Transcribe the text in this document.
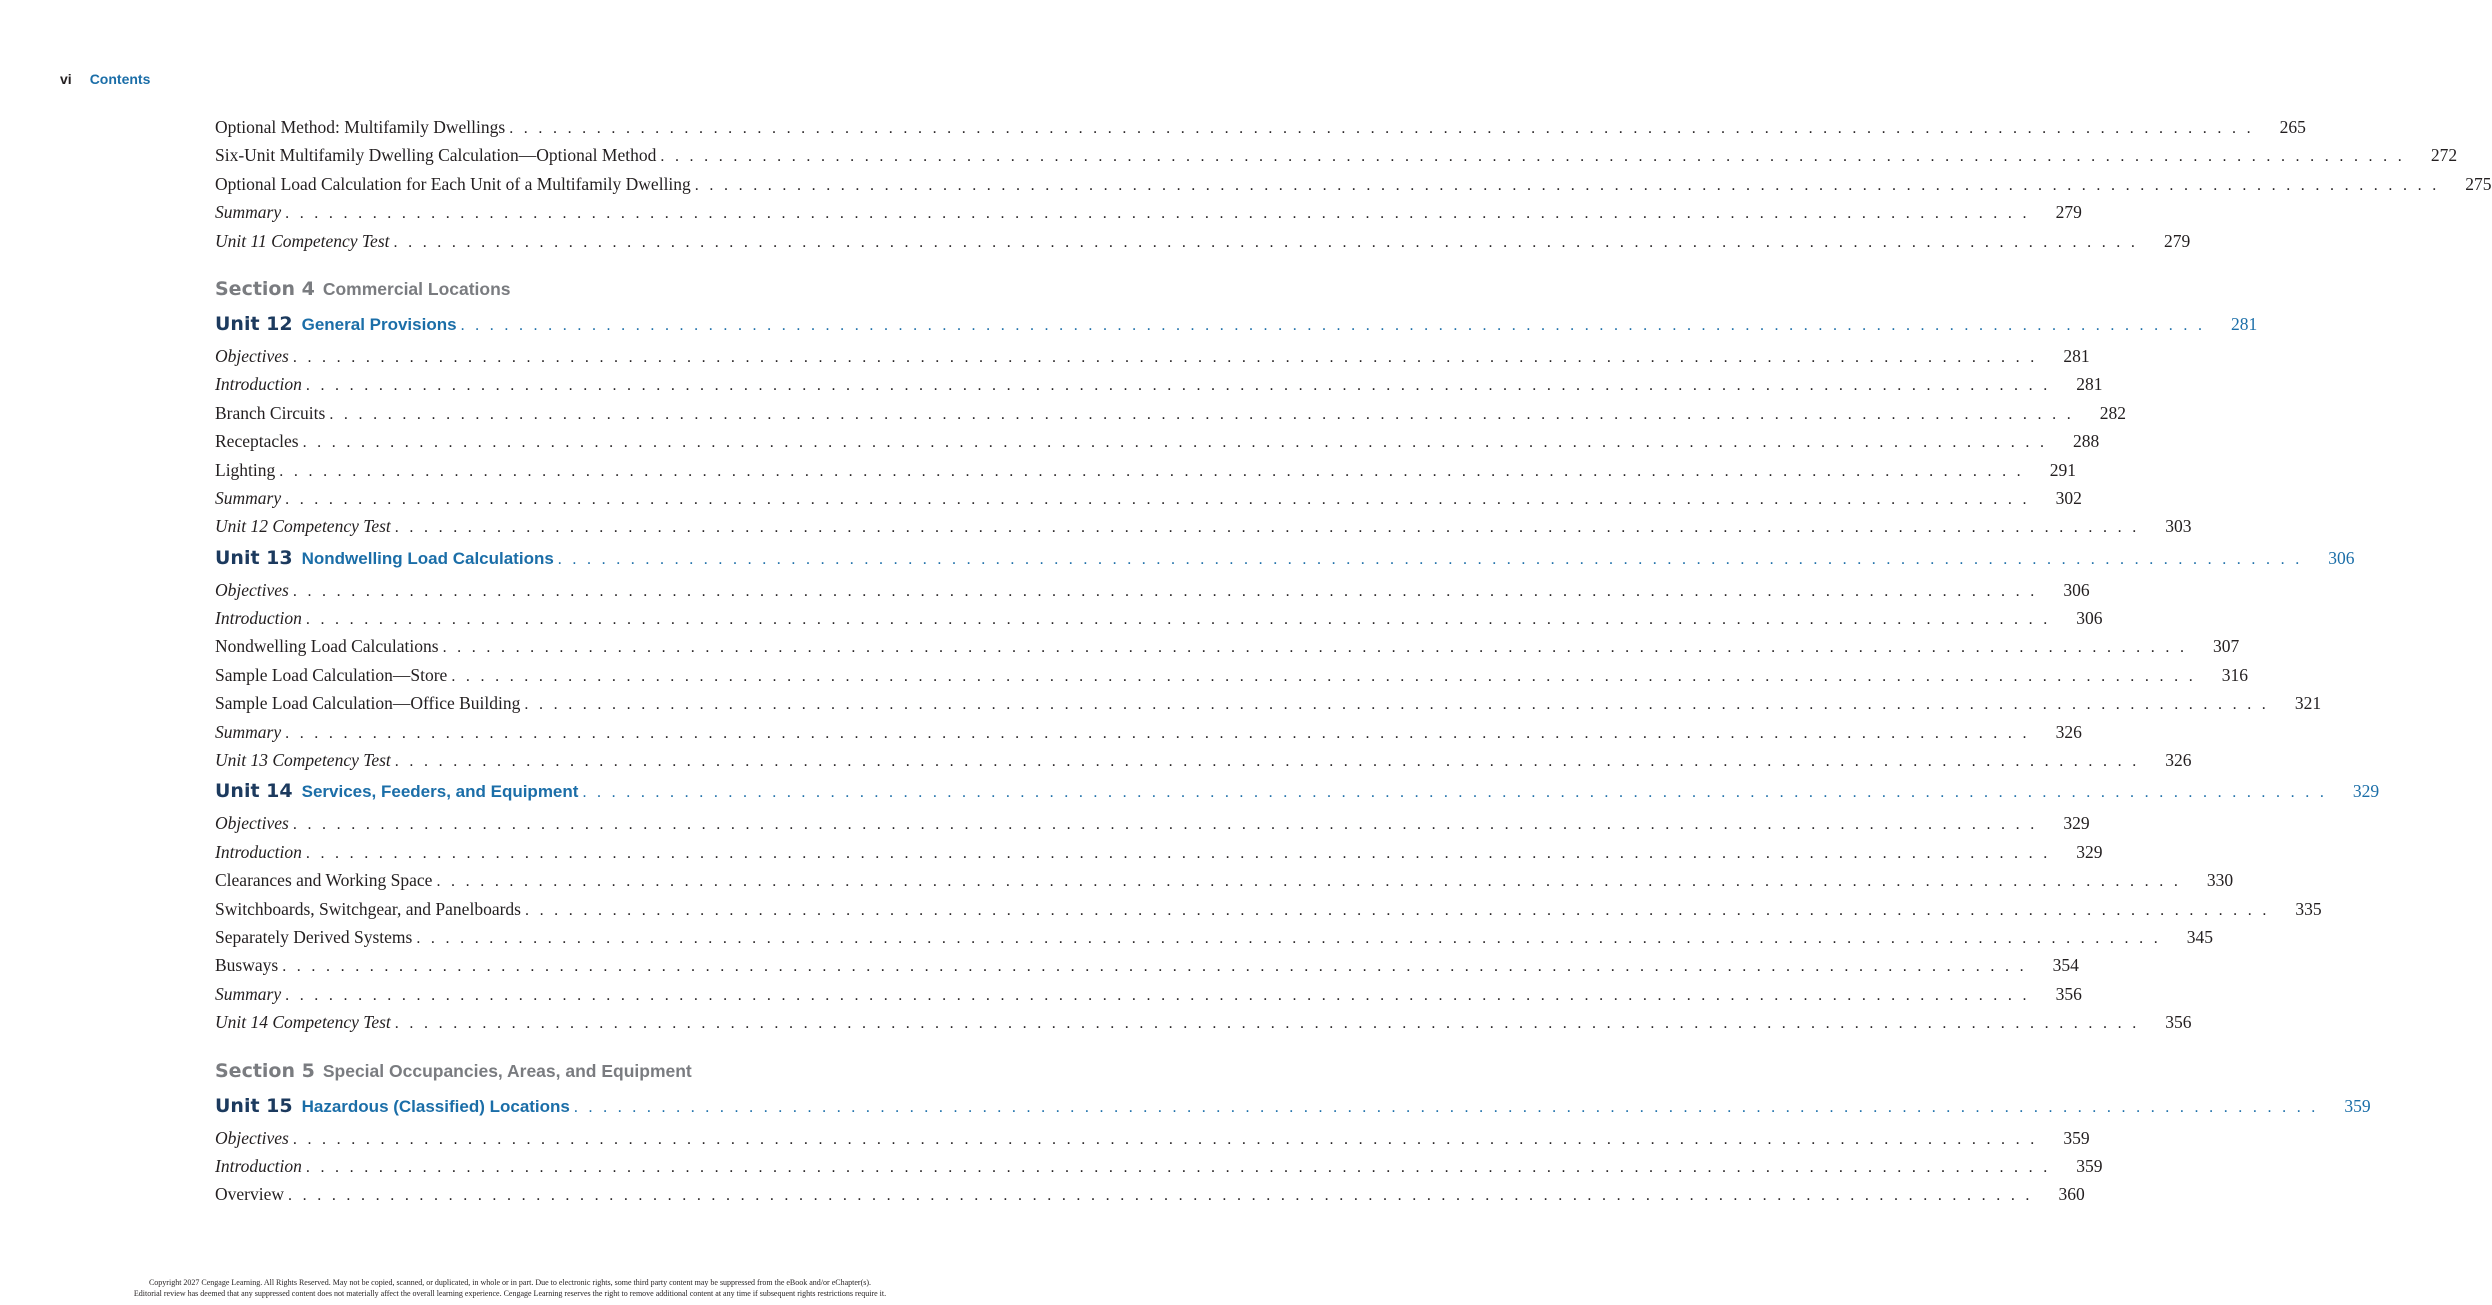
vi Contents
Optional Method: Multifamily Dwellings . . . . . . . . . . . . . . . . . . . . . . . . . . . . . . . . . . . . . . . . . . . . . . . . . . . . . . . . . . . . . . . . . . . . . . . . . . . . . . . . . . . . . . . . . . . . . . . . . . . . . . . . . . . . . . . . . . . . . . . . 265
Six-Unit Multifamily Dwelling Calculation—Optional Method . . . . . . . . . . . . . . . . . . . . . . . . . . . . . . . . . . . . . . . . . . . . . . . . . . . . . . . . . . . . . . . . . . . . . . . . . . . . . . . . . . . . . . . . . . . . . . . . . . . . . . . . . . . . . . . . . . . . . . . . 272
Optional Load Calculation for Each Unit of a Multifamily Dwelling . . . . . . . . . . . . . . . . . . . . . . . . . . . . . . . . . . . . . . . . . . . . . . . . . . . . . . . . . . . . . . . . . . . . . . . . . . . . . . . . . . . . . . . . . . . . . . . . . . . . . . . . . . . . . . . . . . . . . . . . 275
Summary . . . . . . . . . . . . . . . . . . . . . . . . . . . . . . . . . . . . . . . . . . . . . . . . . . . . . . . . . . . . . . . . . . . . . . . . . . . . . . . . . . . . . . . . . . . . . . . . . . . . . . . . . . . . . . . . . . . . . . . . 279
Unit 11 Competency Test . . . . . . . . . . . . . . . . . . . . . . . . . . . . . . . . . . . . . . . . . . . . . . . . . . . . . . . . . . . . . . . . . . . . . . . . . . . . . . . . . . . . . . . . . . . . . . . . . . . . . . . . . . . . . . . . . . . . . . . . 279
Section 4 Commercial Locations
Unit 12 General Provisions . . . . . . . . . . . . . . . . . . . . . . . . . . . . . . . . . . . . . . . . . . . . . . . . . . . . . . . . . . . . . . . . . . . . . . . . . . . . . . . . . . . . . . . . . . . . . . . . . . . . . . . . . . . . . . . . . . . . . . . . 281
Objectives . . . . . . . . . . . . . . . . . . . . . . . . . . . . . . . . . . . . . . . . . . . . . . . . . . . . . . . . . . . . . . . . . . . . . . . . . . . . . . . . . . . . . . . . . . . . . . . . . . . . . . . . . . . . . . . . . . . . . . . . 281
Introduction . . . . . . . . . . . . . . . . . . . . . . . . . . . . . . . . . . . . . . . . . . . . . . . . . . . . . . . . . . . . . . . . . . . . . . . . . . . . . . . . . . . . . . . . . . . . . . . . . . . . . . . . . . . . . . . . . . . . . . . . 281
Branch Circuits . . . . . . . . . . . . . . . . . . . . . . . . . . . . . . . . . . . . . . . . . . . . . . . . . . . . . . . . . . . . . . . . . . . . . . . . . . . . . . . . . . . . . . . . . . . . . . . . . . . . . . . . . . . . . . . . . . . . . . . . 282
Receptacles . . . . . . . . . . . . . . . . . . . . . . . . . . . . . . . . . . . . . . . . . . . . . . . . . . . . . . . . . . . . . . . . . . . . . . . . . . . . . . . . . . . . . . . . . . . . . . . . . . . . . . . . . . . . . . . . . . . . . . . . 288
Lighting . . . . . . . . . . . . . . . . . . . . . . . . . . . . . . . . . . . . . . . . . . . . . . . . . . . . . . . . . . . . . . . . . . . . . . . . . . . . . . . . . . . . . . . . . . . . . . . . . . . . . . . . . . . . . . . . . . . . . . . . 291
Summary . . . . . . . . . . . . . . . . . . . . . . . . . . . . . . . . . . . . . . . . . . . . . . . . . . . . . . . . . . . . . . . . . . . . . . . . . . . . . . . . . . . . . . . . . . . . . . . . . . . . . . . . . . . . . . . . . . . . . . . . 302
Unit 12 Competency Test . . . . . . . . . . . . . . . . . . . . . . . . . . . . . . . . . . . . . . . . . . . . . . . . . . . . . . . . . . . . . . . . . . . . . . . . . . . . . . . . . . . . . . . . . . . . . . . . . . . . . . . . . . . . . . . . . . . . . . . . 303
Unit 13 Nondwelling Load Calculations . . . . . . . . . . . . . . . . . . . . . . . . . . . . . . . . . . . . . . . . . . . . . . . . . . . . . . . . . . . . . . . . . . . . . . . . . . . . . . . . . . . . . . . . . . . . . . . . . . . . . . . . . . . . . . . . . . . . . . . . 306
Objectives . . . . . . . . . . . . . . . . . . . . . . . . . . . . . . . . . . . . . . . . . . . . . . . . . . . . . . . . . . . . . . . . . . . . . . . . . . . . . . . . . . . . . . . . . . . . . . . . . . . . . . . . . . . . . . . . . . . . . . . . 306
Introduction . . . . . . . . . . . . . . . . . . . . . . . . . . . . . . . . . . . . . . . . . . . . . . . . . . . . . . . . . . . . . . . . . . . . . . . . . . . . . . . . . . . . . . . . . . . . . . . . . . . . . . . . . . . . . . . . . . . . . . . . 306
Nondwelling Load Calculations . . . . . . . . . . . . . . . . . . . . . . . . . . . . . . . . . . . . . . . . . . . . . . . . . . . . . . . . . . . . . . . . . . . . . . . . . . . . . . . . . . . . . . . . . . . . . . . . . . . . . . . . . . . . . . . . . . . . . . . . 307
Sample Load Calculation—Store . . . . . . . . . . . . . . . . . . . . . . . . . . . . . . . . . . . . . . . . . . . . . . . . . . . . . . . . . . . . . . . . . . . . . . . . . . . . . . . . . . . . . . . . . . . . . . . . . . . . . . . . . . . . . . . . . . . . . . . . 316
Sample Load Calculation—Office Building . . . . . . . . . . . . . . . . . . . . . . . . . . . . . . . . . . . . . . . . . . . . . . . . . . . . . . . . . . . . . . . . . . . . . . . . . . . . . . . . . . . . . . . . . . . . . . . . . . . . . . . . . . . . . . . . . . . . . . . . 321
Summary . . . . . . . . . . . . . . . . . . . . . . . . . . . . . . . . . . . . . . . . . . . . . . . . . . . . . . . . . . . . . . . . . . . . . . . . . . . . . . . . . . . . . . . . . . . . . . . . . . . . . . . . . . . . . . . . . . . . . . . . 326
Unit 13 Competency Test . . . . . . . . . . . . . . . . . . . . . . . . . . . . . . . . . . . . . . . . . . . . . . . . . . . . . . . . . . . . . . . . . . . . . . . . . . . . . . . . . . . . . . . . . . . . . . . . . . . . . . . . . . . . . . . . . . . . . . . . 326
Unit 14 Services, Feeders, and Equipment . . . . . . . . . . . . . . . . . . . . . . . . . . . . . . . . . . . . . . . . . . . . . . . . . . . . . . . . . . . . . . . . . . . . . . . . . . . . . . . . . . . . . . . . . . . . . . . . . . . . . . . . . . . . . . . . . . . . . . . . 329
Objectives . . . . . . . . . . . . . . . . . . . . . . . . . . . . . . . . . . . . . . . . . . . . . . . . . . . . . . . . . . . . . . . . . . . . . . . . . . . . . . . . . . . . . . . . . . . . . . . . . . . . . . . . . . . . . . . . . . . . . . . . 329
Introduction . . . . . . . . . . . . . . . . . . . . . . . . . . . . . . . . . . . . . . . . . . . . . . . . . . . . . . . . . . . . . . . . . . . . . . . . . . . . . . . . . . . . . . . . . . . . . . . . . . . . . . . . . . . . . . . . . . . . . . . . 329
Clearances and Working Space . . . . . . . . . . . . . . . . . . . . . . . . . . . . . . . . . . . . . . . . . . . . . . . . . . . . . . . . . . . . . . . . . . . . . . . . . . . . . . . . . . . . . . . . . . . . . . . . . . . . . . . . . . . . . . . . . . . . . . . . 330
Switchboards, Switchgear, and Panelboards . . . . . . . . . . . . . . . . . . . . . . . . . . . . . . . . . . . . . . . . . . . . . . . . . . . . . . . . . . . . . . . . . . . . . . . . . . . . . . . . . . . . . . . . . . . . . . . . . . . . . . . . . . . . . . . . . . . . . . . . 335
Separately Derived Systems . . . . . . . . . . . . . . . . . . . . . . . . . . . . . . . . . . . . . . . . . . . . . . . . . . . . . . . . . . . . . . . . . . . . . . . . . . . . . . . . . . . . . . . . . . . . . . . . . . . . . . . . . . . . . . . . . . . . . . . . 345
Busways . . . . . . . . . . . . . . . . . . . . . . . . . . . . . . . . . . . . . . . . . . . . . . . . . . . . . . . . . . . . . . . . . . . . . . . . . . . . . . . . . . . . . . . . . . . . . . . . . . . . . . . . . . . . . . . . . . . . . . . . 354
Summary . . . . . . . . . . . . . . . . . . . . . . . . . . . . . . . . . . . . . . . . . . . . . . . . . . . . . . . . . . . . . . . . . . . . . . . . . . . . . . . . . . . . . . . . . . . . . . . . . . . . . . . . . . . . . . . . . . . . . . . . 356
Unit 14 Competency Test . . . . . . . . . . . . . . . . . . . . . . . . . . . . . . . . . . . . . . . . . . . . . . . . . . . . . . . . . . . . . . . . . . . . . . . . . . . . . . . . . . . . . . . . . . . . . . . . . . . . . . . . . . . . . . . . . . . . . . . . 356
Section 5 Special Occupancies, Areas, and Equipment
Unit 15 Hazardous (Classified) Locations . . . . . . . . . . . . . . . . . . . . . . . . . . . . . . . . . . . . . . . . . . . . . . . . . . . . . . . . . . . . . . . . . . . . . . . . . . . . . . . . . . . . . . . . . . . . . . . . . . . . . . . . . . . . . . . . . . . . . . . . 359
Objectives . . . . . . . . . . . . . . . . . . . . . . . . . . . . . . . . . . . . . . . . . . . . . . . . . . . . . . . . . . . . . . . . . . . . . . . . . . . . . . . . . . . . . . . . . . . . . . . . . . . . . . . . . . . . . . . . . . . . . . . . 359
Introduction . . . . . . . . . . . . . . . . . . . . . . . . . . . . . . . . . . . . . . . . . . . . . . . . . . . . . . . . . . . . . . . . . . . . . . . . . . . . . . . . . . . . . . . . . . . . . . . . . . . . . . . . . . . . . . . . . . . . . . . . 359
Overview . . . . . . . . . . . . . . . . . . . . . . . . . . . . . . . . . . . . . . . . . . . . . . . . . . . . . . . . . . . . . . . . . . . . . . . . . . . . . . . . . . . . . . . . . . . . . . . . . . . . . . . . . . . . . . . . . . . . . . . . 360
Copyright 2027 Cengage Learning. All Rights Reserved. May not be copied, scanned, or duplicated, in whole or in part. Due to electronic rights, some third party content may be suppressed from the eBook and/or eChapter(s).
Editorial review has deemed that any suppressed content does not materially affect the overall learning experience. Cengage Learning reserves the right to remove additional content at any time if subsequent rights restrictions require it.
